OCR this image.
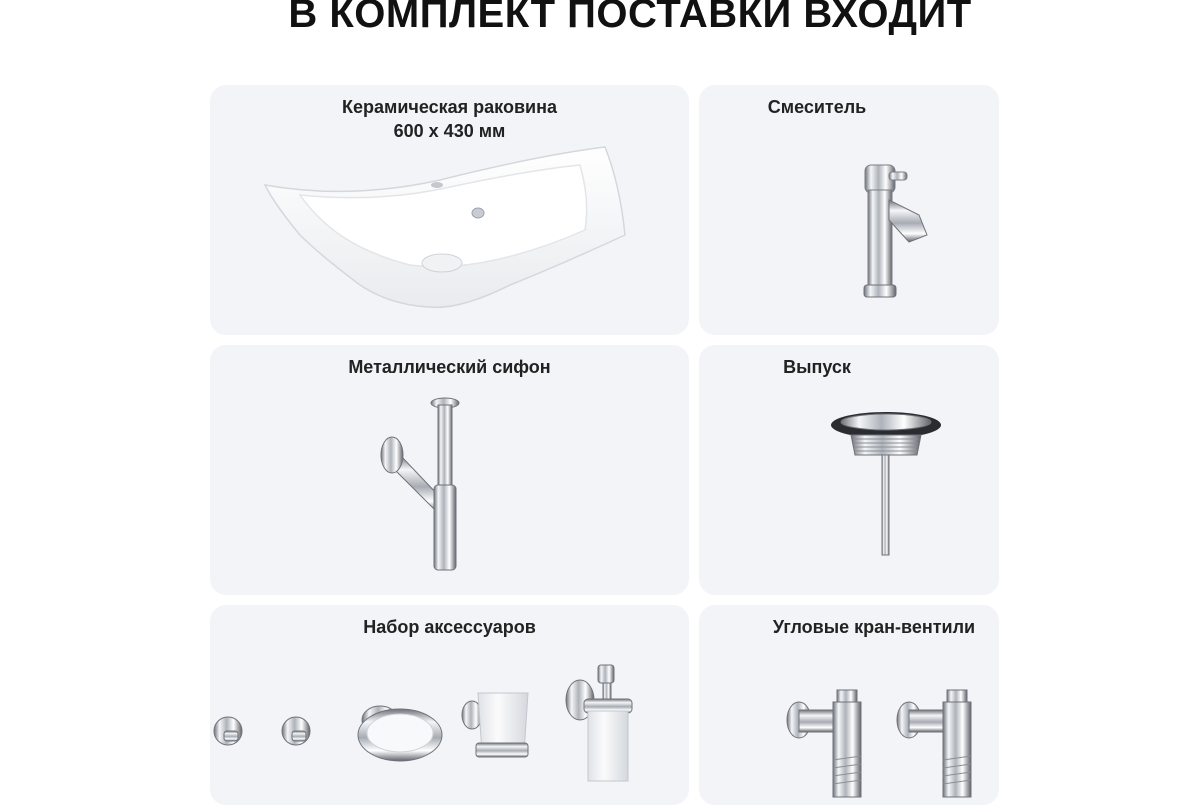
В КОМПЛЕКТ ПОСТАВКИ ВХОДИТ
Керамическая раковина
600 x 430 мм
Смеситель
Металлический сифон	Выпуск
Набор аксессуаров	Угловые кран-вентили
